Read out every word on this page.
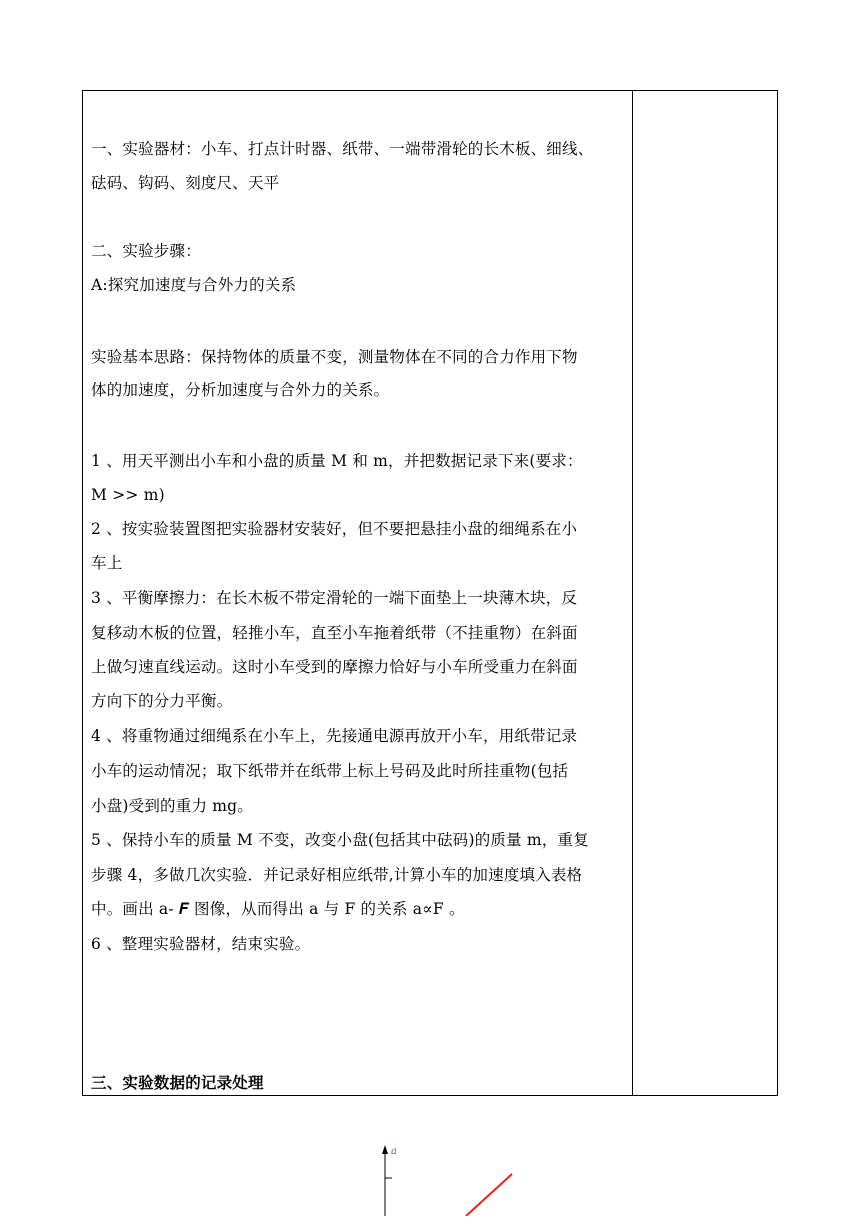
一、实验器材：小车、打点计时器、纸带、一端带滑轮的长木板、细线、
砝码、钩码、刻度尺、天平
二、实验步骤：
A:探究加速度与合外力的关系
实验基本思路：保持物体的质量不变，测量物体在不同的合力作用下物
体的加速度，分析加速度与合外力的关系。
1 、用天平测出小车和小盘的质量 M 和 m，并把数据记录下来(要求：
M >> m)
2 、按实验装置图把实验器材安装好，但不要把悬挂小盘的细绳系在小
车上
3 、平衡摩擦力：在长木板不带定滑轮的一端下面垫上一块薄木块，反
复移动木板的位置，轻推小车，直至小车拖着纸带（不挂重物）在斜面
上做匀速直线运动。这时小车受到的摩擦力恰好与小车所受重力在斜面
方向下的分力平衡。
4 、将重物通过细绳系在小车上，先接通电源再放开小车，用纸带记录
小车的运动情况；取下纸带并在纸带上标上号码及此时所挂重物(包括
小盘)受到的重力 mg。
5 、保持小车的质量 M 不变，改变小盘(包括其中砝码)的质量 m，重复
步骤 4，多做几次实验．并记录好相应纸带,计算小车的加速度填入表格
中。画出 a- 𝑭 图像，从而得出 a 与 F 的关系 a∝F 。
6 、整理实验器材，结束实验。
三、实验数据的记录处理
a
